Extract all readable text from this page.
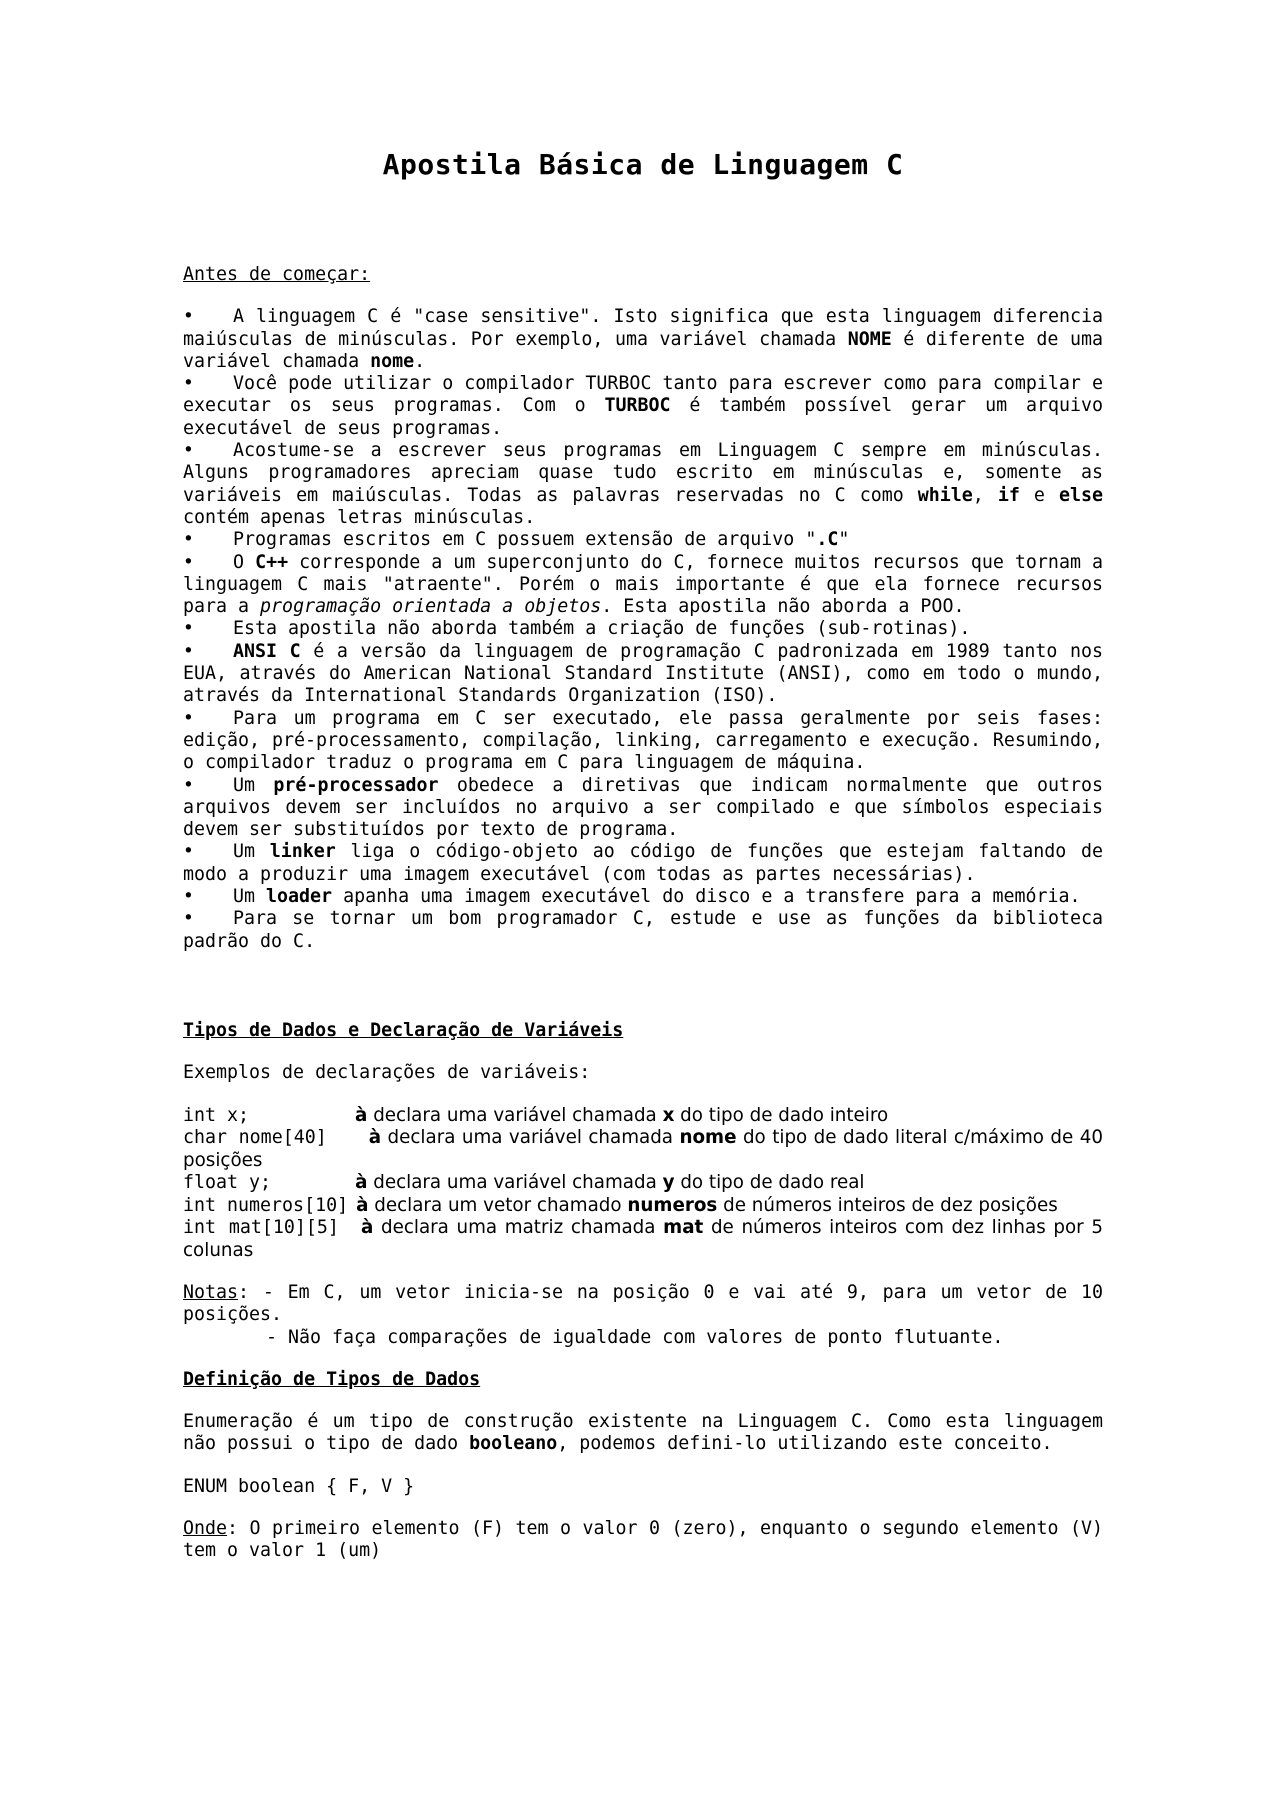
Apostila Básica de Linguagem C

Antes de começar:

• A linguagem C é "case sensitive". Isto significa que esta linguagem diferencia maiúsculas de minúsculas. Por exemplo, uma variável chamada NOME é diferente de uma variável chamada nome.

• Você pode utilizar o compilador TURBOC tanto para escrever como para compilar e executar os seus programas. Com o TURBOC é também possível gerar um arquivo executável de seus programas.

• Acostume-se a escrever seus programas em Linguagem C sempre em minúsculas. Alguns programadores apreciam quase tudo escrito em minúsculas e, somente as variáveis em maiúsculas. Todas as palavras reservadas no C como while, if e else contém apenas letras minúsculas.

• Programas escritos em C possuem extensão de arquivo ".C"

• O C++ corresponde a um superconjunto do C, fornece muitos recursos que tornam a linguagem C mais "atraente". Porém o mais importante é que ela fornece recursos para a programação orientada a objetos. Esta apostila não aborda a POO.

• Esta apostila não aborda também a criação de funções (sub-rotinas).

• ANSI C é a versão da linguagem de programação C padronizada em 1989 tanto nos EUA, através do American National Standard Institute (ANSI), como em todo o mundo, através da International Standards Organization (ISO).

• Para um programa em C ser executado, ele passa geralmente por seis fases: edição, pré-processamento, compilação, linking, carregamento e execução. Resumindo, o compilador traduz o programa em C para linguagem de máquina.

• Um pré-processador obedece a diretivas que indicam normalmente que outros arquivos devem ser incluídos no arquivo a ser compilado e que símbolos especiais devem ser substituídos por texto de programa.

• Um linker liga o código-objeto ao código de funções que estejam faltando de modo a produzir uma imagem executável (com todas as partes necessárias).

• Um loader apanha uma imagem executável do disco e a transfere para a memória.

• Para se tornar um bom programador C, estude e use as funções da biblioteca padrão do C.

Tipos de Dados e Declaração de Variáveis

Exemplos de declarações de variáveis:

int x;	à declara uma variável chamada x do tipo de dado inteiro

char nome[40] à declara uma variável chamada nome do tipo de dado literal c/máximo de 40 posições

float y;	à declara uma variável chamada y do tipo de dado real

int numeros[10] à declara um vetor chamado numeros de números inteiros de dez posições

int mat[10][5] à declara uma matriz chamada mat de números inteiros com dez linhas por 5 colunas

Notas: - Em C, um vetor inicia-se na posição 0 e vai até 9, para um vetor de 10 posições.

- Não faça comparações de igualdade com valores de ponto flutuante.

Definição de Tipos de Dados

Enumeração é um tipo de construção existente na Linguagem C. Como esta linguagem não possui o tipo de dado booleano, podemos defini-lo utilizando este conceito.

ENUM boolean { F, V }

Onde: O primeiro elemento (F) tem o valor 0 (zero), enquanto o segundo elemento (V) tem o valor 1 (um)
